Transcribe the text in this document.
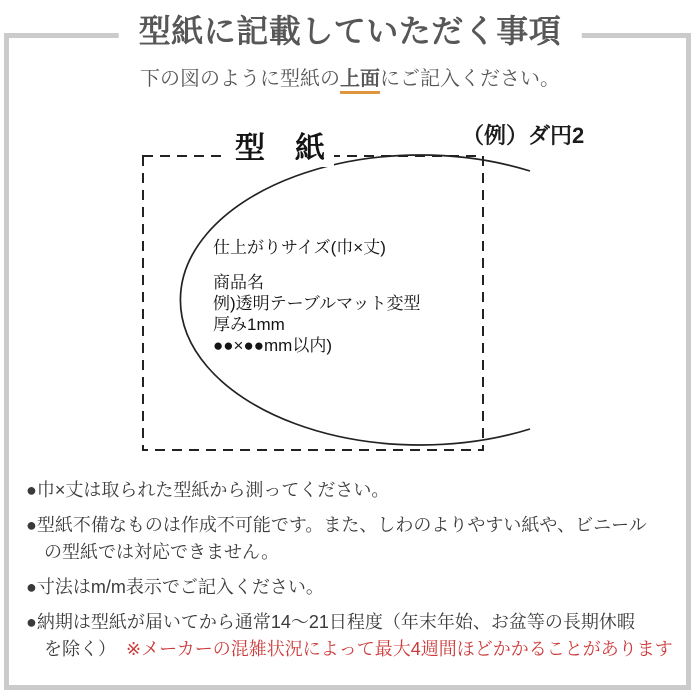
型紙に記載していただく事項
下の図のように型紙の上面にご記入ください。
（例）ダ円2
型　紙
仕上がりサイズ(巾×丈)
商品名
例)透明テーブルマット変型
厚み1mm
●●×●●mm以内)
●巾×丈は取られた型紙から測ってください。
●型紙不備なものは作成不可能です。また、しわのよりやすい紙や、ビニール
の型紙では対応できません。
●寸法はm/m表示でご記入ください。
●納期は型紙が届いてから通常14～21日程度（年末年始、お盆等の長期休暇
を除く） ※メーカーの混雑状況によって最大4週間ほどかかることがあります
